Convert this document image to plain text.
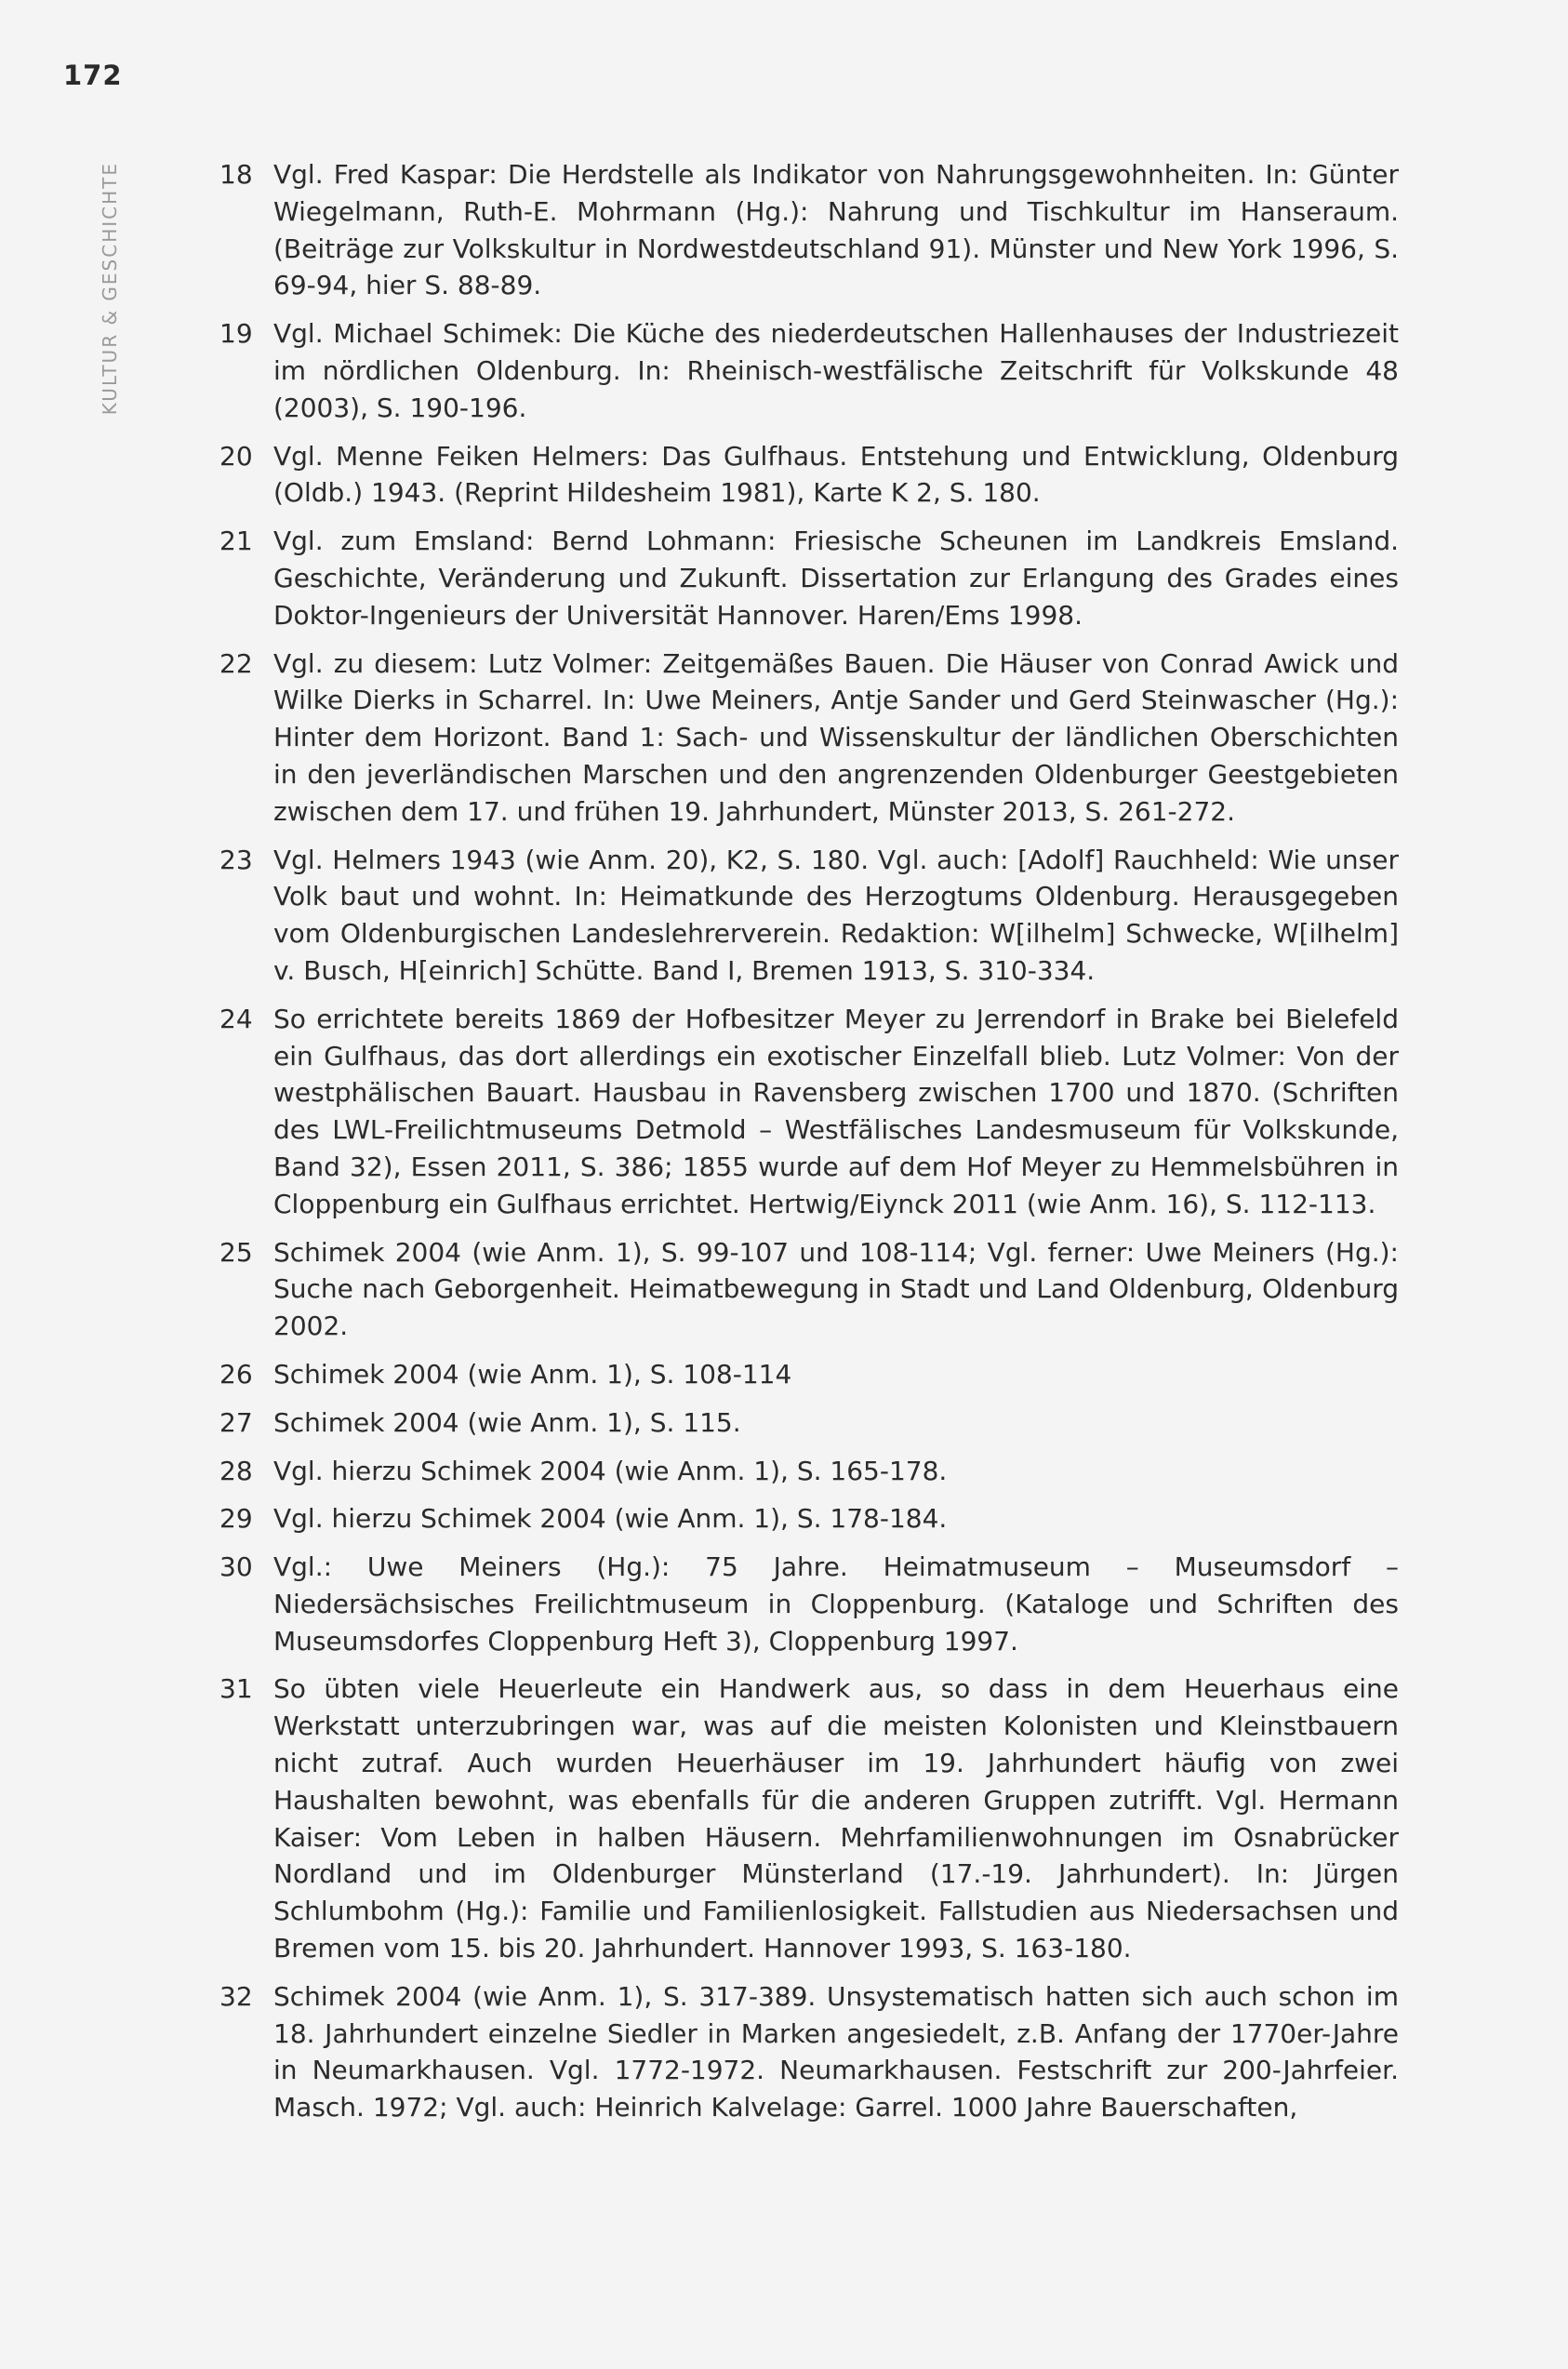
172
KULTUR & GESCHICHTE	18 Vgl. Fred Kaspar: Die Herdstelle als Indikator von Nahrungsgewohnheiten. In: Günter Wiegelmann, Ruth-E. Mohrmann (Hg.): Nahrung und Tischkultur im Hanseraum. (Beiträge zur Volkskultur in Nordwestdeutschland 91). Münster und New York 1996, S. 69-94, hier S. 88-89.
19 Vgl. Michael Schimek: Die Küche des niederdeutschen Hallenhauses der Industriezeit im nördlichen Oldenburg. In: Rheinisch-westfälische Zeitschrift für Volkskunde 48 (2003), S. 190-196.
20 Vgl. Menne Feiken Helmers: Das Gulfhaus. Entstehung und Entwicklung, Oldenburg (Oldb.) 1943. (Reprint Hildesheim 1981), Karte K 2, S. 180.
21 Vgl. zum Emsland: Bernd Lohmann: Friesische Scheunen im Landkreis Emsland. Geschichte, Veränderung und Zukunft. Dissertation zur Erlangung des Grades eines Doktor-Ingenieurs der Universität Hannover. Haren/Ems 1998.
22 Vgl. zu diesem: Lutz Volmer: Zeitgemäßes Bauen. Die Häuser von Conrad Awick und Wilke Dierks in Scharrel. In: Uwe Meiners, Antje Sander und Gerd Steinwascher (Hg.): Hinter dem Horizont. Band 1: Sach- und Wissenskultur der ländlichen Oberschichten in den jeverländischen Marschen und den angrenzenden Oldenburger Geestgebieten zwischen dem 17. und frühen 19. Jahrhundert, Münster 2013, S. 261-272.
23 Vgl. Helmers 1943 (wie Anm. 20), K2, S. 180. Vgl. auch: [Adolf] Rauchheld: Wie unser Volk baut und wohnt. In: Heimatkunde des Herzogtums Oldenburg. Herausgegeben vom Oldenburgischen Landeslehrerverein. Redaktion: W[ilhelm] Schwecke, W[ilhelm] v. Busch, H[einrich] Schütte. Band I, Bremen 1913, S. 310-334.
24 So errichtete bereits 1869 der Hofbesitzer Meyer zu Jerrendorf in Brake bei Bielefeld ein Gulfhaus, das dort allerdings ein exotischer Einzelfall blieb. Lutz Volmer: Von der westphälischen Bauart. Hausbau in Ravensberg zwischen 1700 und 1870. (Schriften des LWL-Freilichtmuseums Detmold – Westfälisches Landesmuseum für Volkskunde, Band 32), Essen 2011, S. 386; 1855 wurde auf dem Hof Meyer zu Hemmelsbühren in Cloppenburg ein Gulfhaus errichtet. Hertwig/Eiynck 2011 (wie Anm. 16), S. 112-113.
25 Schimek 2004 (wie Anm. 1), S. 99-107 und 108-114; Vgl. ferner: Uwe Meiners (Hg.): Suche nach Geborgenheit. Heimatbewegung in Stadt und Land Oldenburg, Oldenburg 2002.
26 Schimek 2004 (wie Anm. 1), S. 108-114
27 Schimek 2004 (wie Anm. 1), S. 115.
28 Vgl. hierzu Schimek 2004 (wie Anm. 1), S. 165-178.
29 Vgl. hierzu Schimek 2004 (wie Anm. 1), S. 178-184.
30 Vgl.: Uwe Meiners (Hg.): 75 Jahre. Heimatmuseum – Museumsdorf – Niedersächsisches Freilichtmuseum in Cloppenburg. (Kataloge und Schriften des Museumsdorfes Cloppenburg Heft 3), Cloppenburg 1997.
31 So übten viele Heuerleute ein Handwerk aus, so dass in dem Heuerhaus eine Werkstatt unterzubringen war, was auf die meisten Kolonisten und Kleinstbauern nicht zutraf. Auch wurden Heuerhäuser im 19. Jahrhundert häufig von zwei Haushalten bewohnt, was ebenfalls für die anderen Gruppen zutrifft. Vgl. Hermann Kaiser: Vom Leben in halben Häusern. Mehrfamilienwohnungen im Osnabrücker Nordland und im Oldenburger Münsterland (17.-19. Jahrhundert). In: Jürgen Schlumbohm (Hg.): Familie und Familienlosigkeit. Fallstudien aus Niedersachsen und Bremen vom 15. bis 20. Jahrhundert. Hannover 1993, S. 163-180.
32 Schimek 2004 (wie Anm. 1), S. 317-389. Unsystematisch hatten sich auch schon im 18. Jahrhundert einzelne Siedler in Marken angesiedelt, z.B. Anfang der 1770er-Jahre in Neumarkhausen. Vgl. 1772-1972. Neumarkhausen. Festschrift zur 200-Jahrfeier. Masch. 1972; Vgl. auch: Heinrich Kalvelage: Garrel. 1000 Jahre Bauerschaften,
